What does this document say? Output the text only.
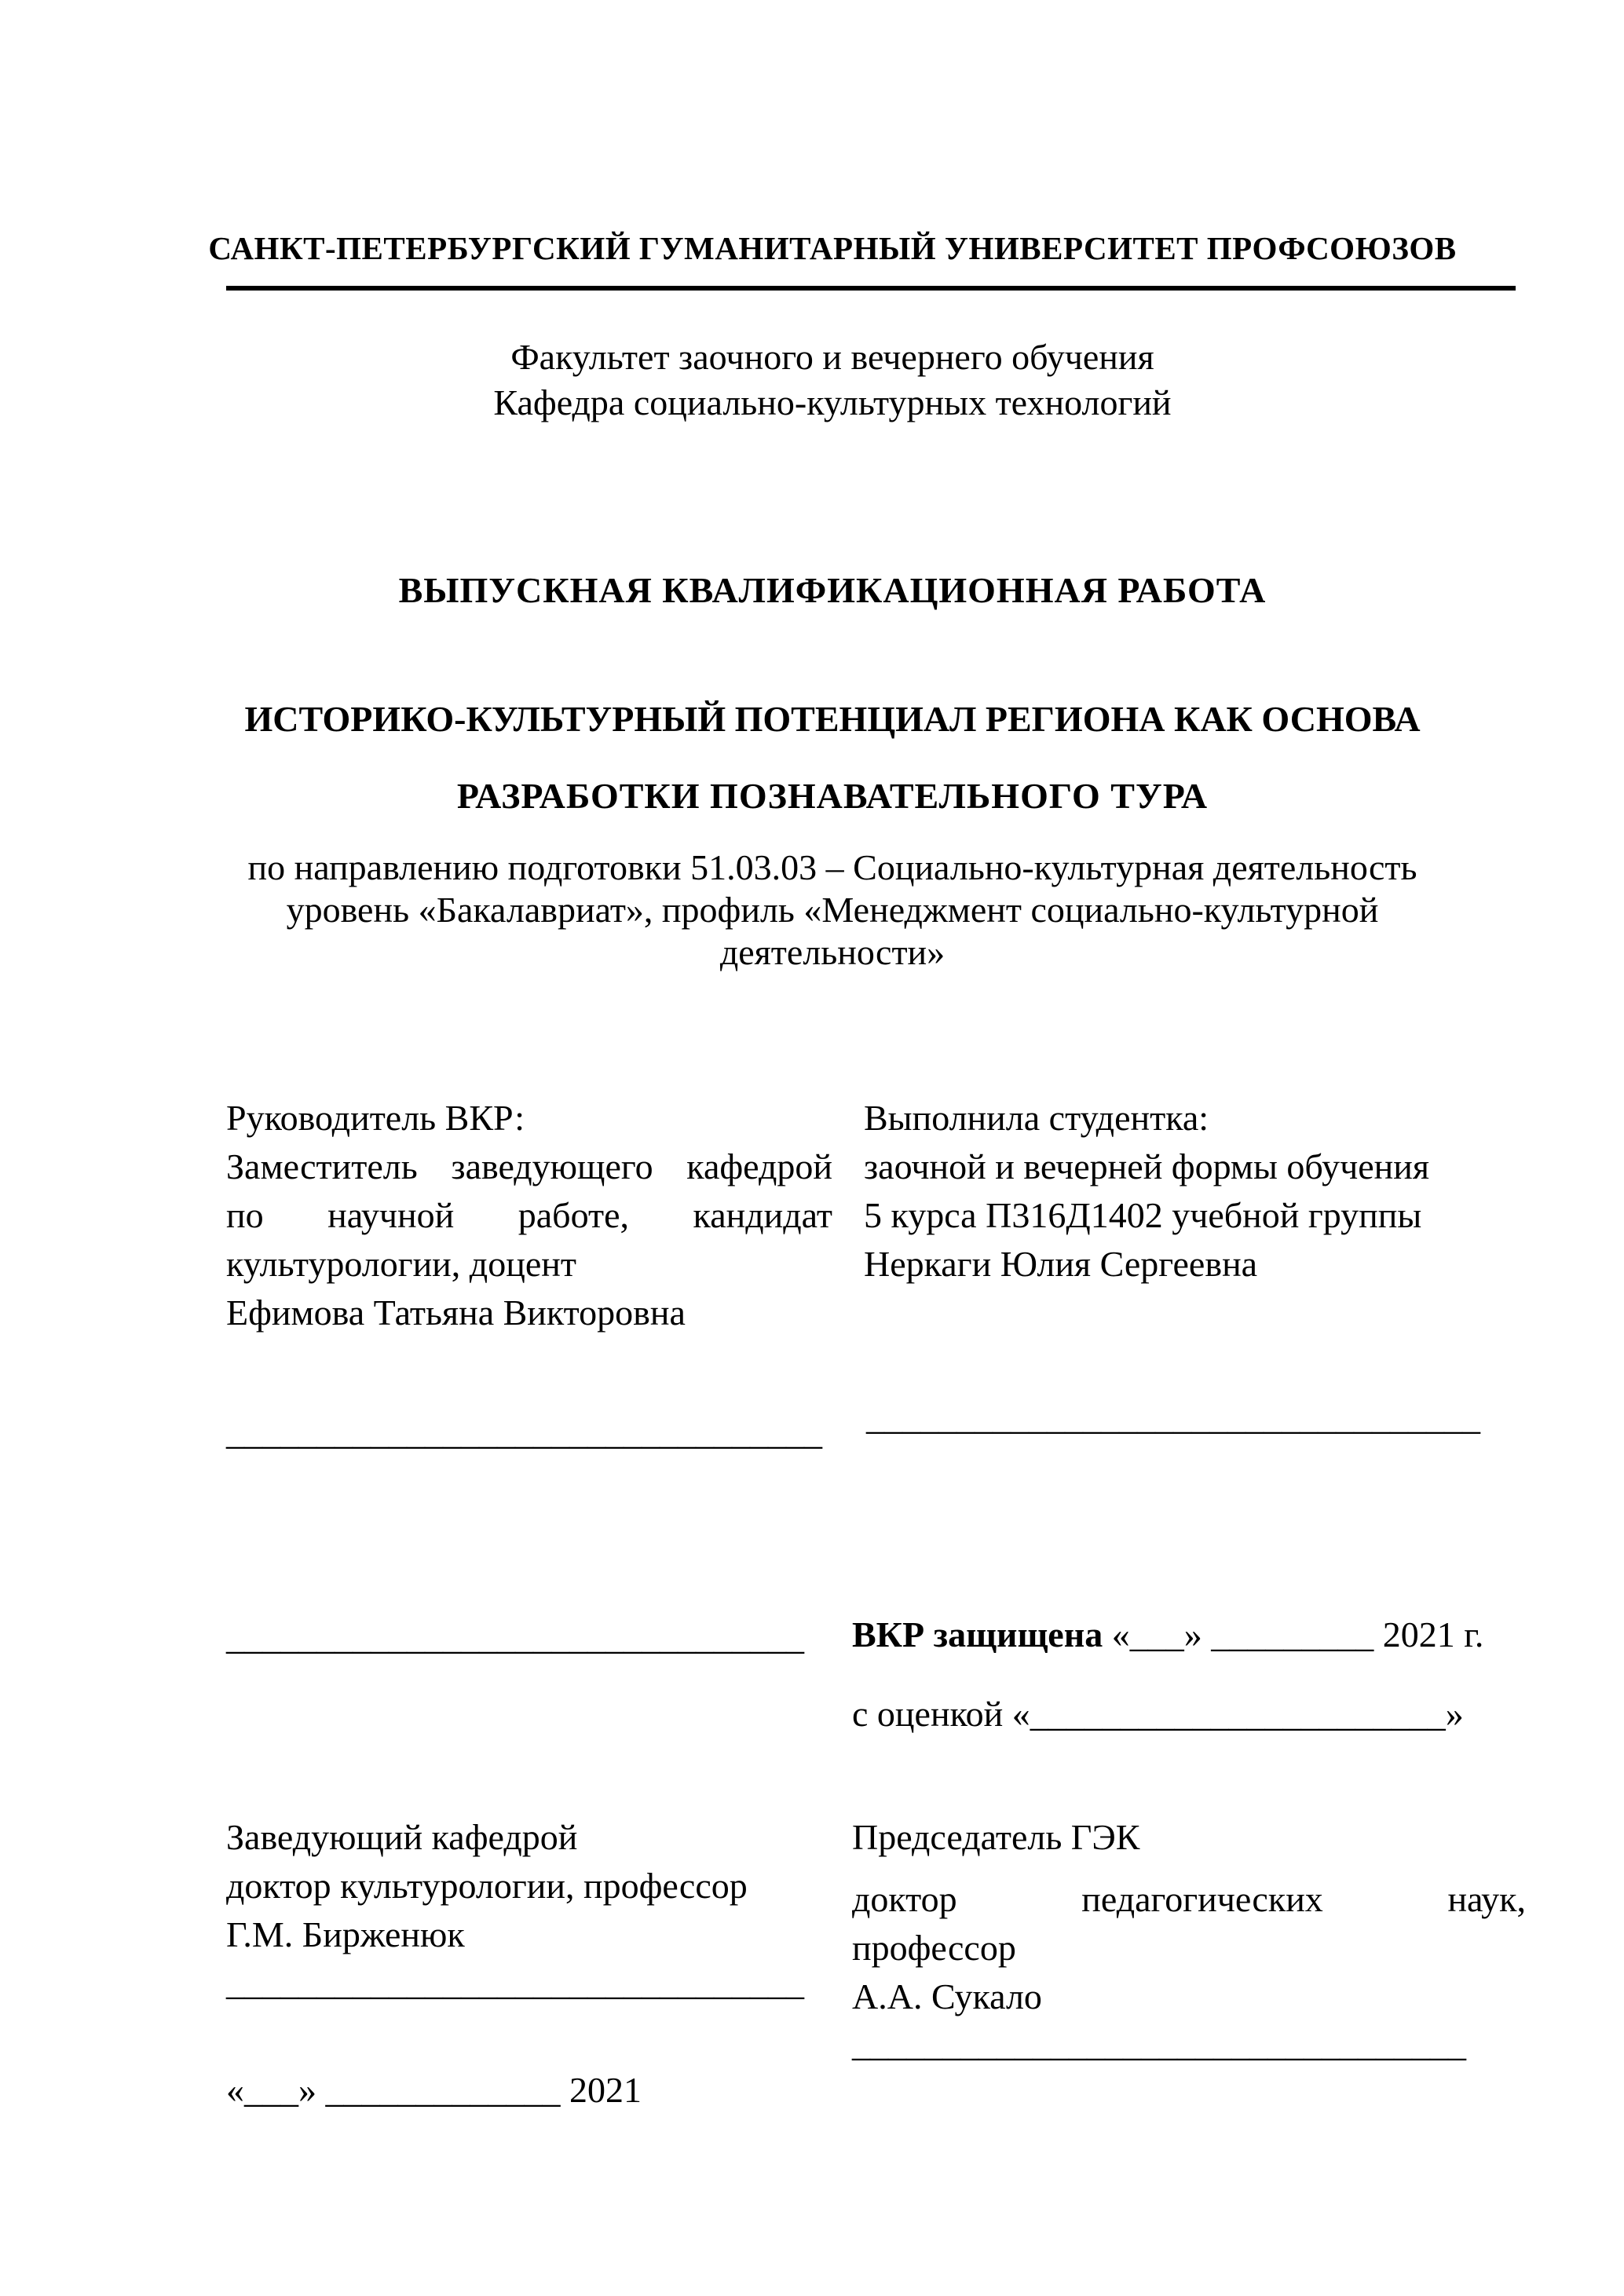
САНКТ-ПЕТЕРБУРГСКИЙ ГУМАНИТАРНЫЙ УНИВЕРСИТЕТ ПРОФСОЮЗОВ
Факультет заочного и вечернего обучения
Кафедра социально-культурных технологий
ВЫПУСКНАЯ КВАЛИФИКАЦИОННАЯ РАБОТА
ИСТОРИКО-КУЛЬТУРНЫЙ ПОТЕНЦИАЛ РЕГИОНА КАК ОСНОВА
РАЗРАБОТКИ ПОЗНАВАТЕЛЬНОГО ТУРА
по направлению подготовки 51.03.03 – Социально-культурная деятельность
уровень «Бакалавриат», профиль «Менеджмент социально-культурной
деятельности»
Руководитель ВКР:
Заместитель заведующего кафедрой
по научной работе, кандидат
культурологии, доцент
Ефимова Татьяна Викторовна
Выполнила студентка:
заочной и вечерней формы обучения
5 курса П316Д1402 учебной группы
Неркаги Юлия Сергеевна
_________________________________ __________________________________
________________________________ ВКР защищена «___» _________ 2021 г.
с оценкой «_______________________»
Заведующий кафедрой
доктор культурологии, профессор
Г.М. Бирженюк
________________________________
«___» _____________ 2021
Председатель ГЭК
доктор педагогических наук,
профессор
А.А. Сукало
__________________________________
